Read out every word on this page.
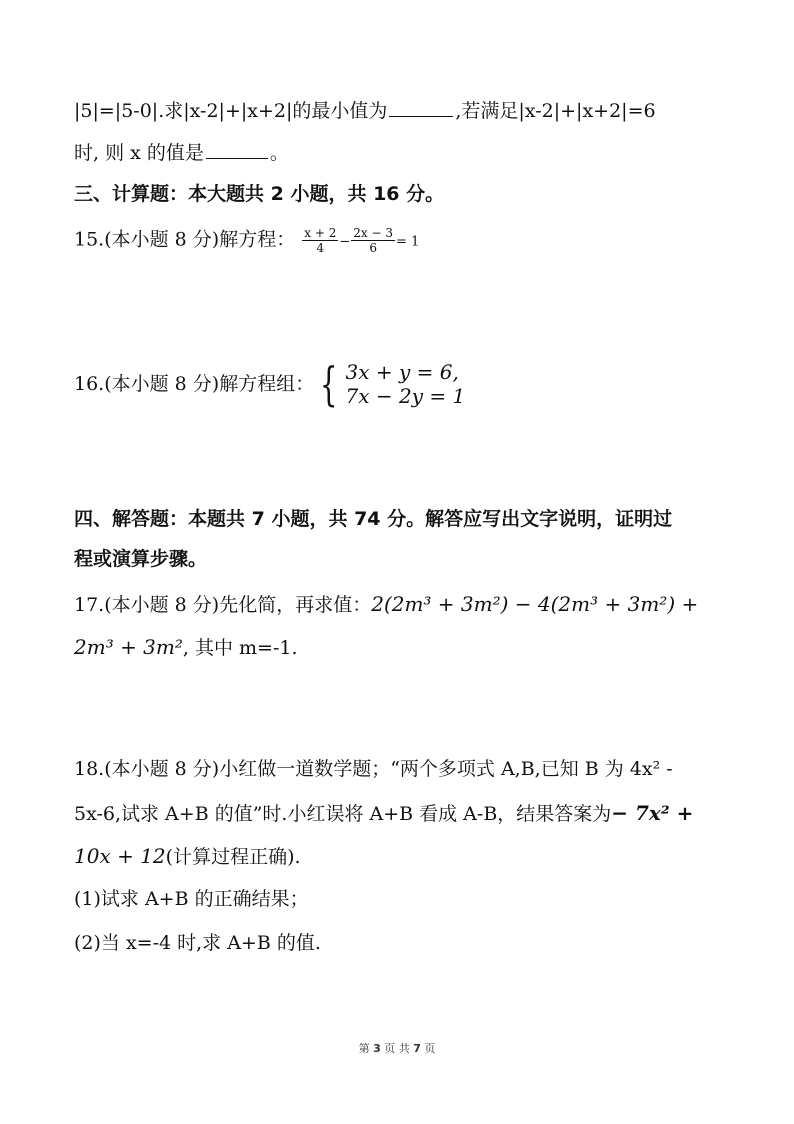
|5|=|5-0|.求|x-2|+|x+2|的最小值为	,若满足|x-2|+|x+2|=6
时, 则 x 的值是	。
三、计算题：本大题共 2 小题，共 16 分。
15.(本小题 8 分)解方程： $\frac{x + 2}{4} - \frac{2x - 3}{6} = 1$
16.(本小题 8 分)解方程组： { 3x + y = 6,
7x − 2y = 1
四、解答题：本题共 7 小题，共 74 分。解答应写出文字说明，证明过
程或演算步骤。
17.(本小题 8 分)先化简，再求值：2(2m³ + 3m²) − 4(2m³ + 3m²) +
2m³ + 3m², 其中 m=-1.
18.(本小题 8 分)小红做一道数学题；“两个多项式 A,B,已知 B 为 4x² -
5x-6,试求 A+B 的值”时.小红误将 A+B 看成 A-B，结果答案为− 7x² +
10x + 12(计算过程正确).
(1)试求 A+B 的正确结果；
(2)当 x=-4 时,求 A+B 的值.
第 3 页 共 7 页
